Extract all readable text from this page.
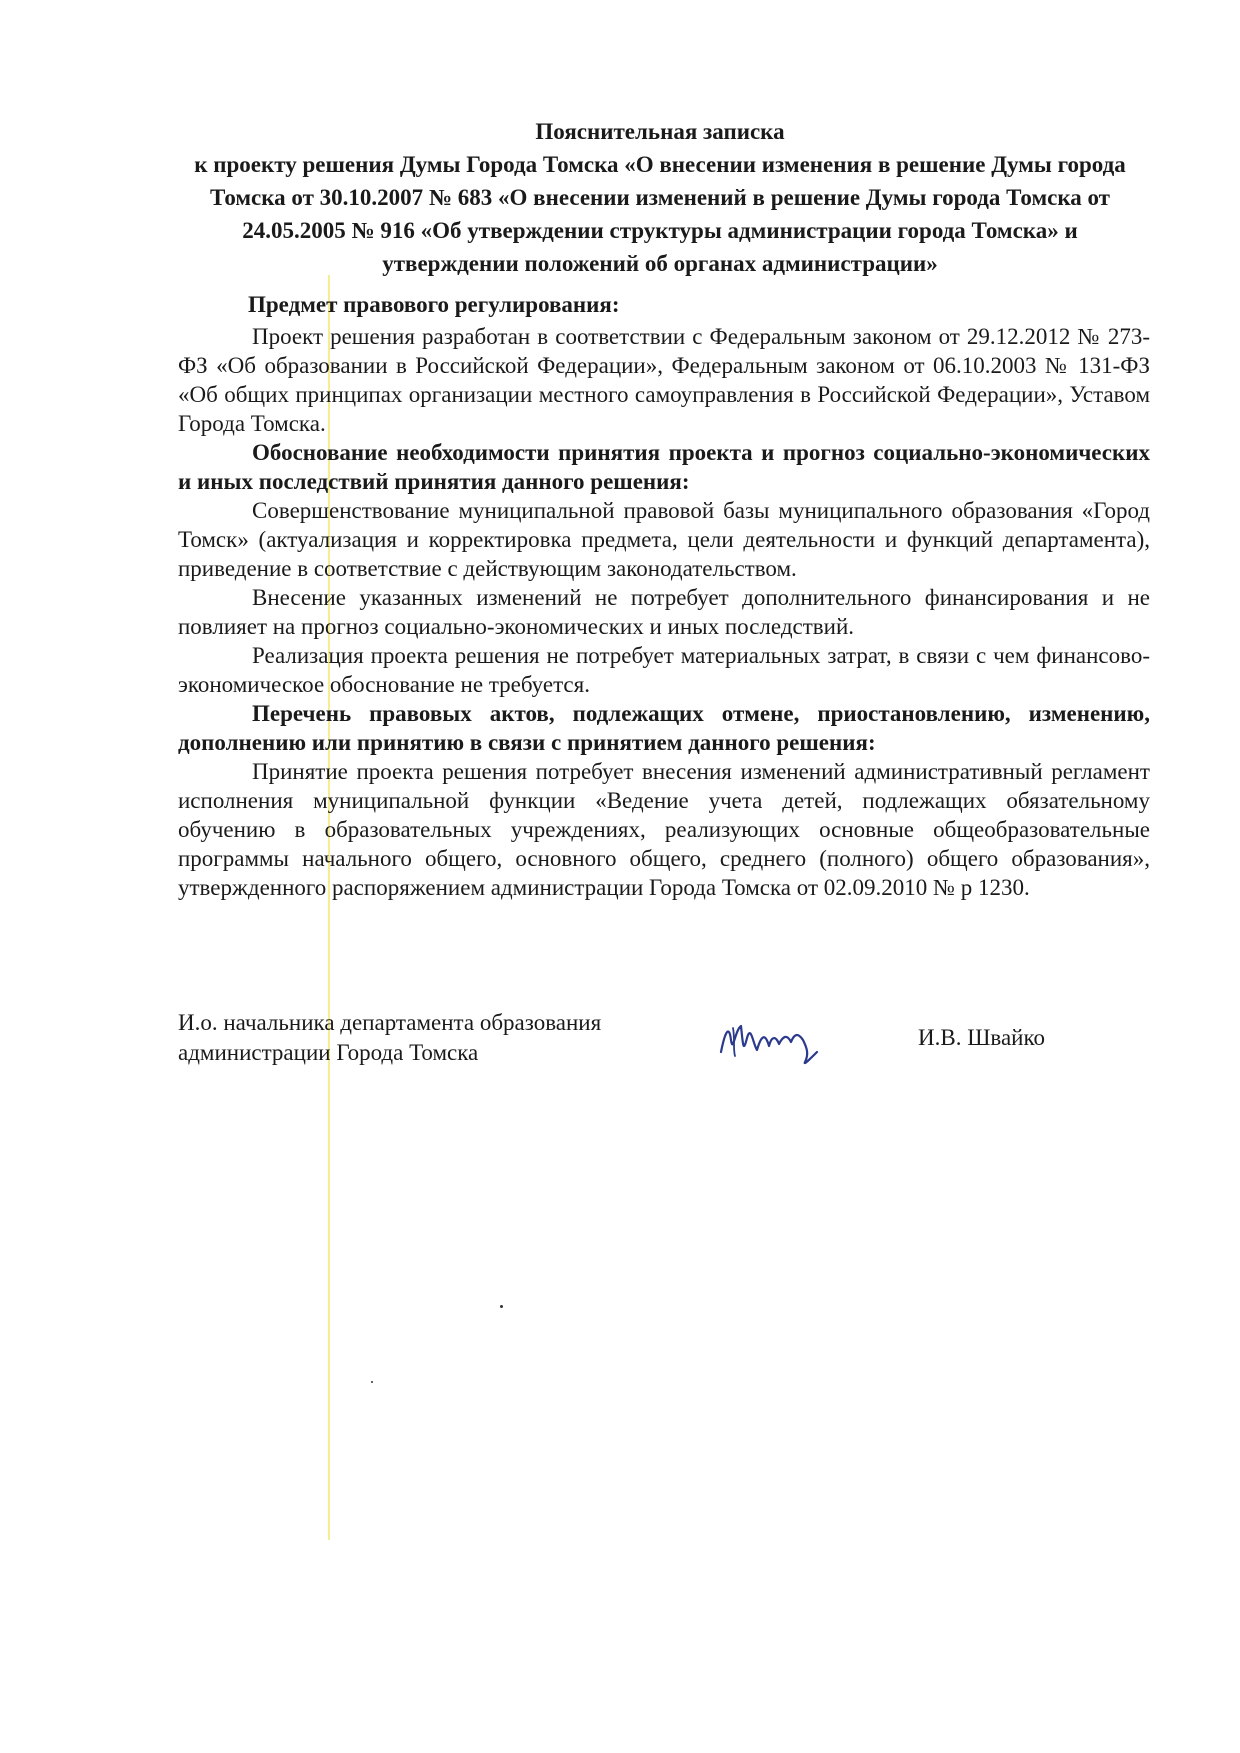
Пояснительная записка
к проекту решения Думы Города Томска «О внесении изменения в решение Думы города Томска от 30.10.2007 № 683 «О внесении изменений в решение Думы города Томска от 24.05.2005 № 916 «Об утверждении структуры администрации города Томска» и утверждении положений об органах администрации»

Предмет правового регулирования:

Проект решения разработан в соответствии с Федеральным законом от 29.12.2012 № 273-ФЗ «Об образовании в Российской Федерации», Федеральным законом от 06.10.2003 № 131-ФЗ «Об общих принципах организации местного самоуправления в Российской Федерации», Уставом Города Томска.

Обоснование необходимости принятия проекта и прогноз социально-экономических и иных последствий принятия данного решения:

Совершенствование муниципальной правовой базы муниципального образования «Город Томск» (актуализация и корректировка предмета, цели деятельности и функций департамента), приведение в соответствие с действующим законодательством.

Внесение указанных изменений не потребует дополнительного финансирования и не повлияет на прогноз социально-экономических и иных последствий.

Реализация проекта решения не потребует материальных затрат, в связи с чем финансово-экономическое обоснование не требуется.

Перечень правовых актов, подлежащих отмене, приостановлению, изменению, дополнению или принятию в связи с принятием данного решения:

Принятие проекта решения потребует внесения изменений административный регламент исполнения муниципальной функции «Ведение учета детей, подлежащих обязательному обучению в образовательных учреждениях, реализующих основные общеобразовательные программы начального общего, основного общего, среднего (полного) общего образования», утвержденного распоряжением администрации Города Томска от 02.09.2010 № р 1230.

И.о. начальника департамента образования
администрации Города Томска
И.В. Швайко
